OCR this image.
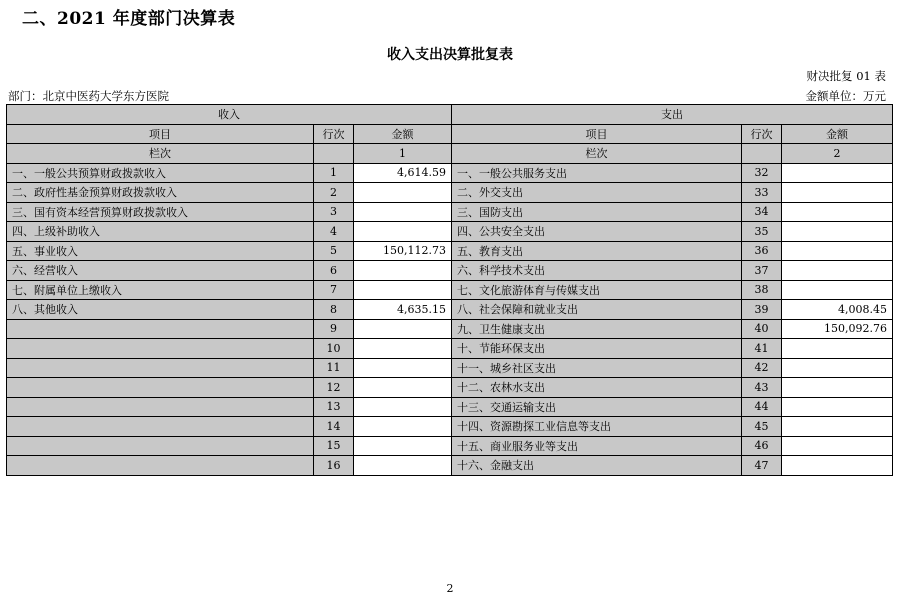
二、2021 年度部门决算表
收入支出决算批复表
财决批复 01 表
部门：北京中医药大学东方医院	金额单位：万元
收入			支出		
项目	行次	金额	项目	行次	金额
栏次		1	栏次		2
一、一般公共预算财政拨款收入	1	4,614.59	一、一般公共服务支出	32	
二、政府性基金预算财政拨款收入	2		二、外交支出	33	
三、国有资本经营预算财政拨款收入	3		三、国防支出	34	
四、上级补助收入	4		四、公共安全支出	35	
五、事业收入	5	150,112.73	五、教育支出	36	
六、经营收入	6		六、科学技术支出	37	
七、附属单位上缴收入	7		七、文化旅游体育与传媒支出	38	
八、其他收入	8	4,635.15	八、社会保障和就业支出	39	4,008.45
	9		九、卫生健康支出	40	150,092.76
	10		十、节能环保支出	41	
	11		十一、城乡社区支出	42	
	12		十二、农林水支出	43	
	13		十三、交通运输支出	44	
	14		十四、资源勘探工业信息等支出	45	
	15		十五、商业服务业等支出	46	
	16		十六、金融支出	47	
2
